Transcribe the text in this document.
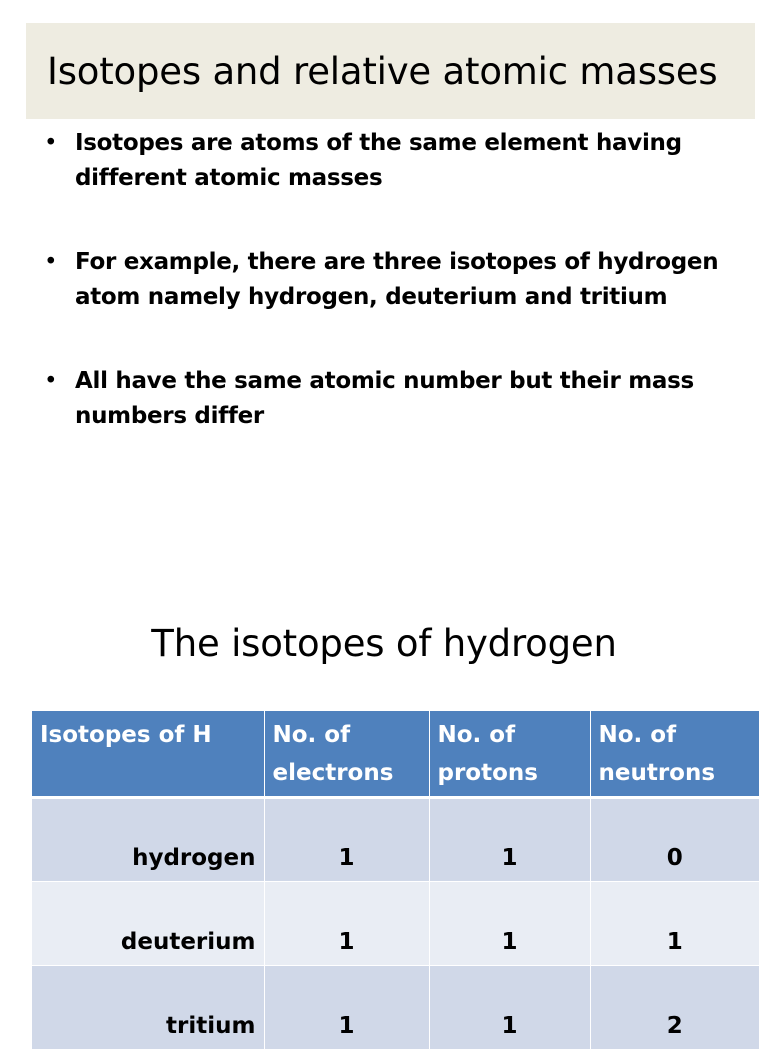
Isotopes and relative atomic masses
• Isotopes are atoms of the same element having different atomic masses
• For example, there are three isotopes of hydrogen atom namely hydrogen, deuterium and tritium
• All have the same atomic number but their mass numbers differ
The isotopes of hydrogen
Isotopes of H	No. of electrons	No. of protons	No. of neutrons
hydrogen	1	1	0
deuterium	1	1	1
tritium	1	1	2
